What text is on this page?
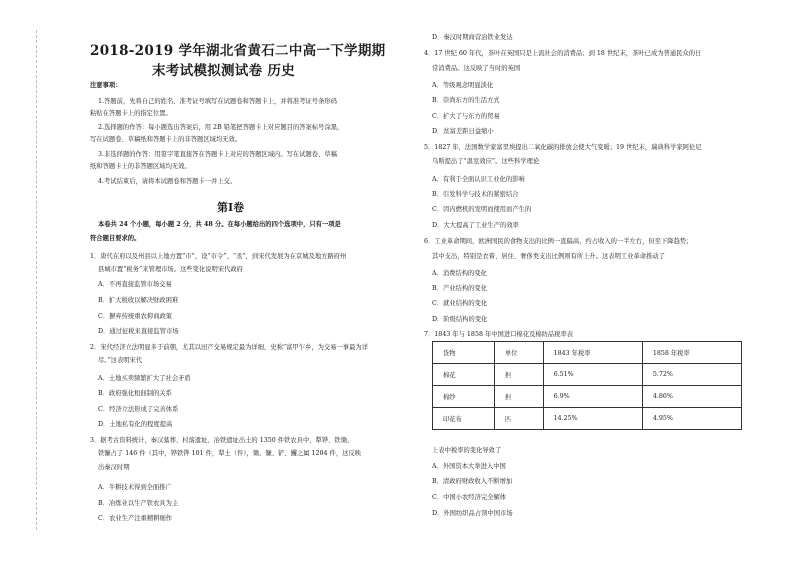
2018-2019 学年湖北省黄石二中高一下学期期
末考试模拟测试卷 历史
注意事项：
1.答题前，先将自己的姓名、准考证号填写在试题卷和答题卡上，并将准考证号条形码
粘贴在答题卡上的指定位置。
2.选择题的作答：每小题选出答案后，用 2B 铅笔把答题卡上对应题目的答案标号涂黑，
写在试题卷、草稿纸和答题卡上的非答题区域均无效。
3.非选择题的作答：用签字笔直接答在答题卡上对应的答题区域内。写在试题卷、草稿
纸和答题卡上的非答题区域均无效。
4.考试结束后，请将本试题卷和答题卡一并上交。
第Ⅰ卷
本卷共 24 个小题，每小题 2 分，共 48 分。在每小题给出的四个选项中，只有一项是
符合题目要求的。
1．唐代在府以及州县以上地方置“市”，设“市令”、“丞”，到宋代发展为在京城及地方路府州
县城市置“税务”来管理市场。这些变化说明宋代政府
A．不再直接监管市场交易
B．扩大税收以解决财政困难
C．摒弃传统重农抑商政策
D．通过征税来直接监管市场
2．宋代经济立法明显多于前朝，尤其以田产交易规定最为详细，史称“富甲乍乡，为交易一事最为详
尽。”这表明宋代
A．土地买卖频繁扩大了社会矛盾
B．政府强化租佃制的关系
C．经济立法形成了完善体系
D．土地私有化的程度提高
3．据考古资料统计，秦汉墓葬、村落遗址、冶铁遗址出土的 1350 件铁农具中，犁铧、铁锄、
铁镰占了 146 件（其中，铧铁铧 101 件，犁土（件），锄、镰、铲、钁之属 1204 件，这反映
出秦汉时期
A．牛耕技术得到全面推广
B．冶炼业以生产铁农具为主
C．农业生产注重精耕细作
D．秦汉时期商营冶铁业发达
4．17 世纪 60 年代，茶叶在英国只是上流社会的消费品；到 18 世纪末，茶叶已成为普通民众的日
常消费品。这反映了当时的英国
A．等级观念明显淡化
B．崇尚东方的生活方式
C．扩大了与东方的贸易
D．贫富差距日益缩小
5．1827 年，法国数学家富里埃提出二氧化碳的排放会使大气变暖；19 世纪末，瑞典科学家阿伦尼
乌斯提出了“温室效应”。这些科学理论
A．有利于全面认识工业化的影响
B．引发科学与技术的紧密结合
C．因内燃机的发明而使用而产生的
D．大大提高了工业生产的效率
6．工业革命期间，欧洲国民的食物支出的比例一直偏高，约占收入的一半左右，但至下降趋势；
其中支出，特别是衣着、居住、奢侈类支出比例则有所上升。这表明工业革命推动了
A．消费结构的变化
B．产业结构的变化
C．就业结构的变化
D．阶级结构的变化
7．1843 年与 1858 年中国进口棉花及棉纺品税率表
货物	单位	1843 年税率	1858 年税率
棉花	担	6.51%	5.72%
棉纱	担	6.9%	4.86%
印花布	匹	14.25%	4.95%
上表中税率的变化导致了
A．外国资本大举进入中国
B．清政府财政收入不断增加
C．中国小农经济完全解体
D．外国纺织品占领中国市场
